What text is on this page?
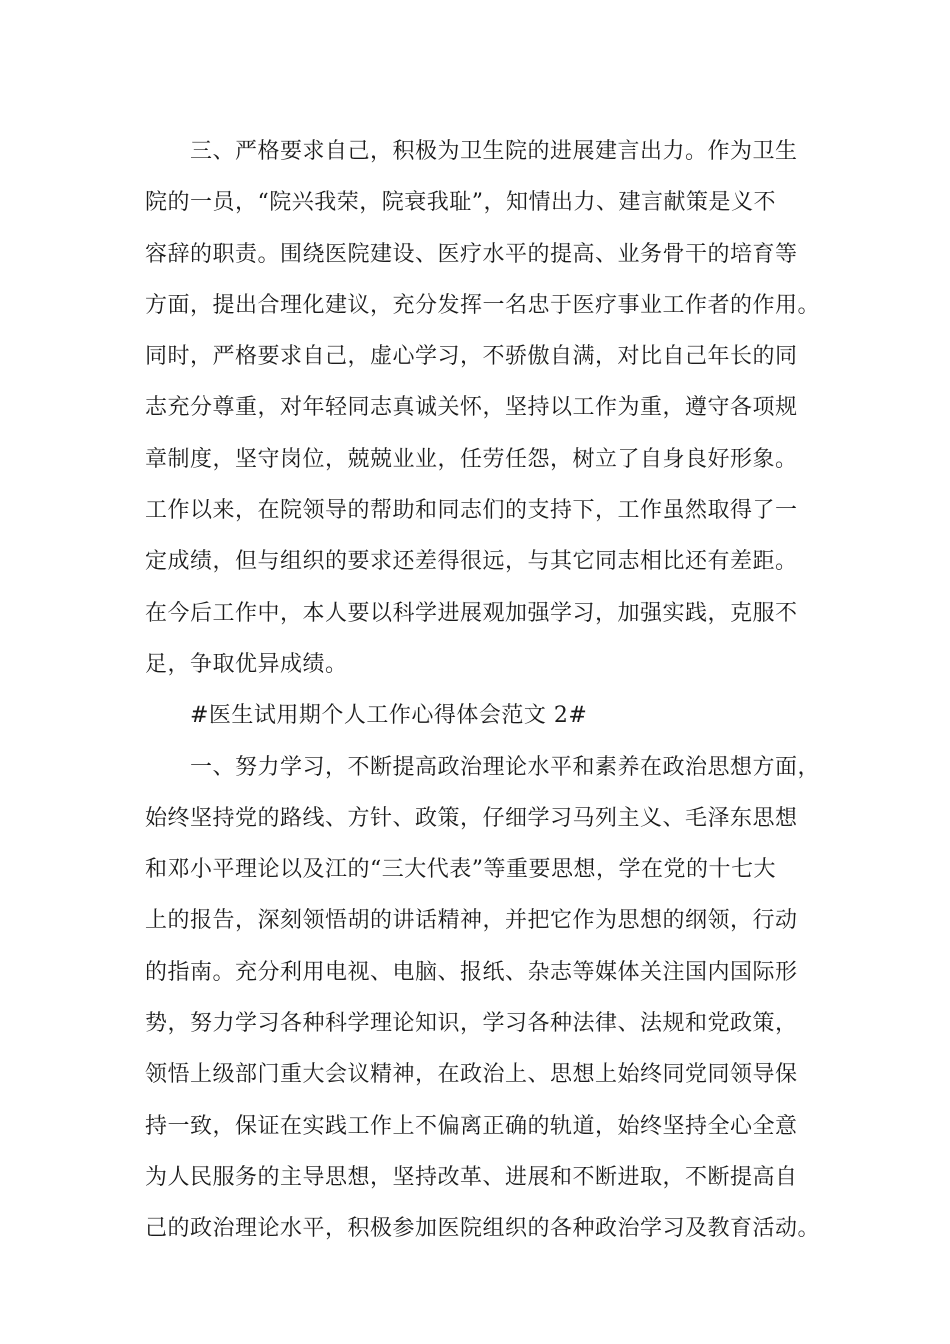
三、严格要求自己，积极为卫生院的进展建言出力。作为卫生
院的一员，“院兴我荣，院衰我耻”，知情出力、建言献策是义不
容辞的职责。围绕医院建设、医疗水平的提高、业务骨干的培育等
方面，提出合理化建议，充分发挥一名忠于医疗事业工作者的作用。
同时，严格要求自己，虚心学习，不骄傲自满，对比自己年长的同
志充分尊重，对年轻同志真诚关怀，坚持以工作为重，遵守各项规
章制度，坚守岗位，兢兢业业，任劳任怨，树立了自身良好形象。
工作以来，在院领导的帮助和同志们的支持下，工作虽然取得了一
定成绩，但与组织的要求还差得很远，与其它同志相比还有差距。
在今后工作中，本人要以科学进展观加强学习，加强实践，克服不
足，争取优异成绩。
#医生试用期个人工作心得体会范文 2#
一、努力学习，不断提高政治理论水平和素养在政治思想方面，
始终坚持党的路线、方针、政策，仔细学习马列主义、毛泽东思想
和邓小平理论以及江的“三大代表”等重要思想，学在党的十七大
上的报告，深刻领悟胡的讲话精神，并把它作为思想的纲领，行动
的指南。充分利用电视、电脑、报纸、杂志等媒体关注国内国际形
势，努力学习各种科学理论知识，学习各种法律、法规和党政策，
领悟上级部门重大会议精神，在政治上、思想上始终同党同领导保
持一致，保证在实践工作上不偏离正确的轨道，始终坚持全心全意
为人民服务的主导思想，坚持改革、进展和不断进取，不断提高自
己的政治理论水平，积极参加医院组织的各种政治学习及教育活动。
